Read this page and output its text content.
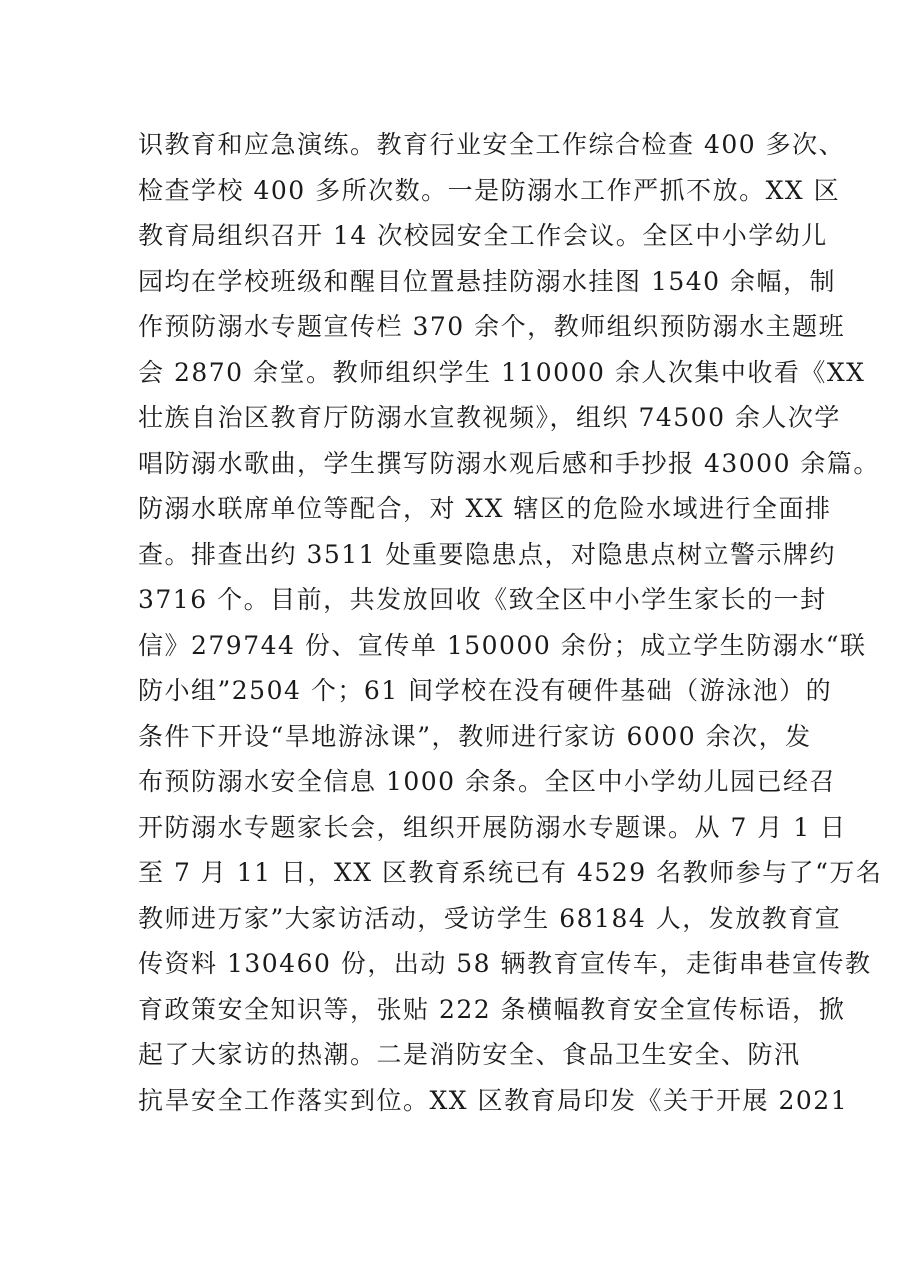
识教育和应急演练。教育行业安全工作综合检查 400 多次、
检查学校 400 多所次数。一是防溺水工作严抓不放。XX 区
教育局组织召开 14 次校园安全工作会议。全区中小学幼儿
园均在学校班级和醒目位置悬挂防溺水挂图 1540 余幅，制
作预防溺水专题宣传栏 370 余个，教师组织预防溺水主题班
会 2870 余堂。教师组织学生 110000 余人次集中收看《XX
壮族自治区教育厅防溺水宣教视频》，组织 74500 余人次学
唱防溺水歌曲，学生撰写防溺水观后感和手抄报 43000 余篇。
防溺水联席单位等配合，对 XX 辖区的危险水域进行全面排
查。排查出约 3511 处重要隐患点，对隐患点树立警示牌约
3716 个。目前，共发放回收《致全区中小学生家长的一封
信》279744 份、宣传单 150000 余份；成立学生防溺水“联
防小组”2504 个；61 间学校在没有硬件基础（游泳池）的
条件下开设“旱地游泳课”，教师进行家访 6000 余次，发
布预防溺水安全信息 1000 余条。全区中小学幼儿园已经召
开防溺水专题家长会，组织开展防溺水专题课。从 7 月 1 日
至 7 月 11 日，XX 区教育系统已有 4529 名教师参与了“万名
教师进万家”大家访活动，受访学生 68184 人，发放教育宣
传资料 130460 份，出动 58 辆教育宣传车，走街串巷宣传教
育政策安全知识等，张贴 222 条横幅教育安全宣传标语，掀
起了大家访的热潮。二是消防安全、食品卫生安全、防汛
抗旱安全工作落实到位。XX 区教育局印发《关于开展 2021
